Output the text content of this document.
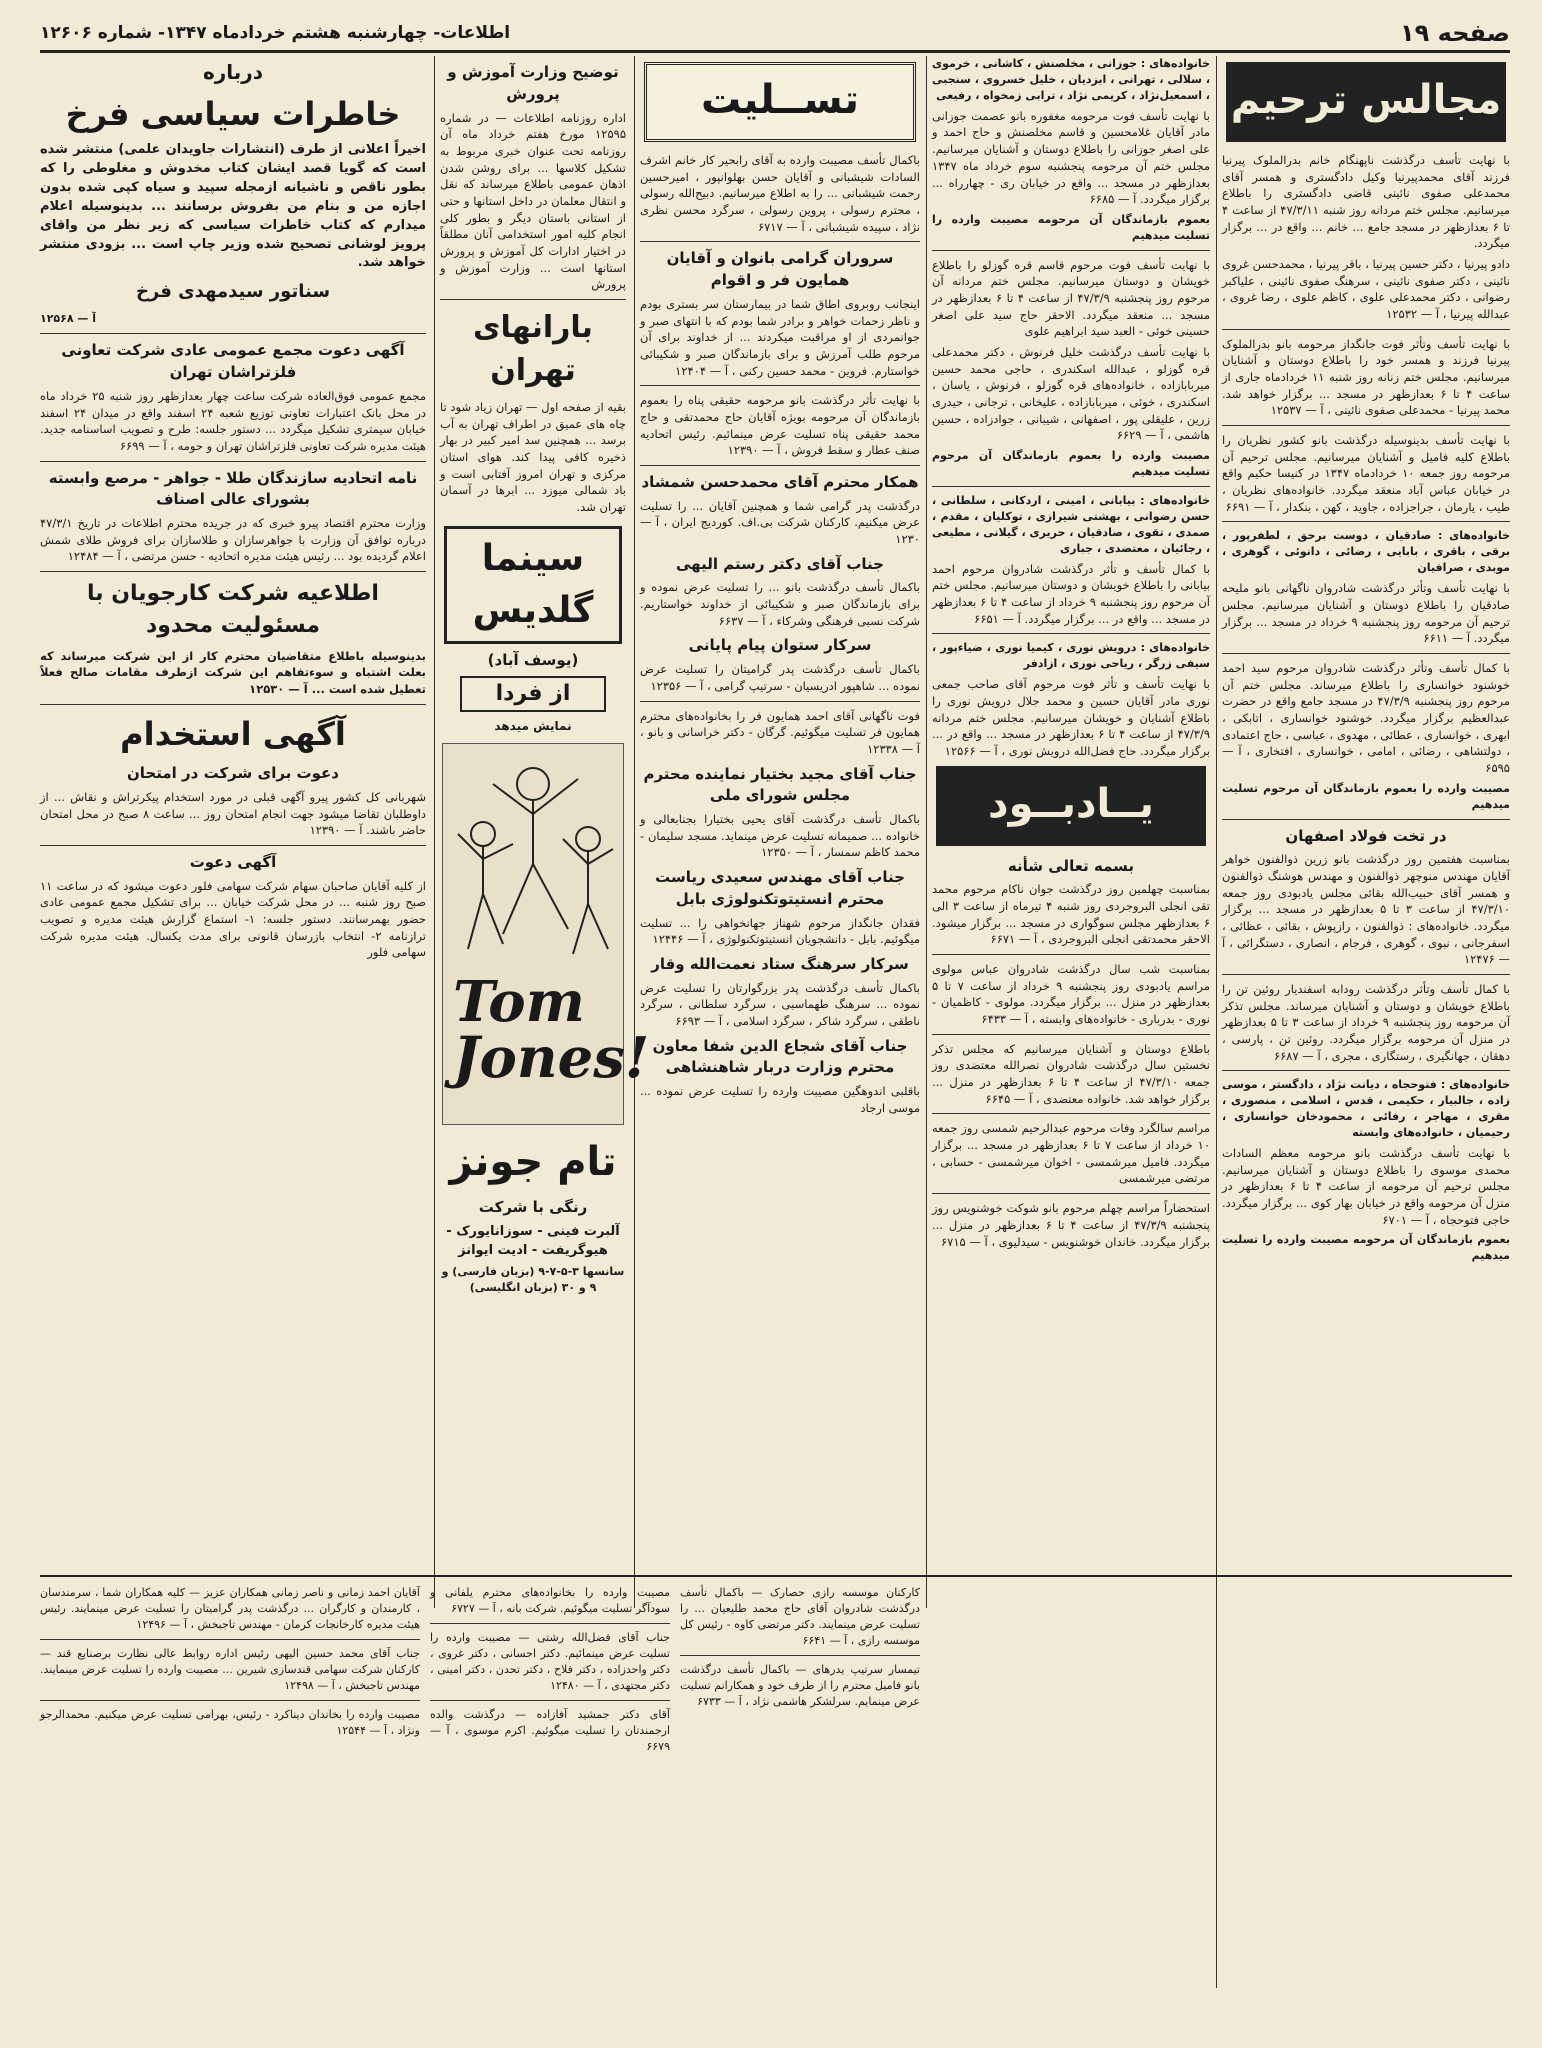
صفحه ۱۹
اطلاعات- چهارشنبه هشتم خردادماه ۱۳۴۷- شماره ۱۲۶۰۶
مجالس ترحیم

با نهایت تأسف درگذشت ناپهنگام خانم بدرالملوک پیرنیا فرزند آقای محمدپیرنیا وکیل دادگستری و همسر آقای محمدعلی صفوی نائینی قاضی دادگستری را باطلاع میرسانیم. مجلس ختم مردانه روز شنبه ۴۷/۳/۱۱ از ساعت ۴ تا ۶ بعدازظهر در مسجد جامع ... خانم ... واقع در ... برگزار میگردد.

دادو پیرنیا ، دکتر حسین پیرنیا ، باقر پیرنیا ، محمدحسن غروی نائینی ، دکتر صفوی نائینی ، سرهنگ صفوی نائینی ، علیاکبر رضوانی ، دکتر محمدعلی علوی ، کاظم علوی ، رضا غروی ، عبدالله پیرنیا ، آ — ۱۲۵۳۲

با نهایت تأسف وتأثر فوت جانگداز مرحومه بانو بدرالملوک پیرنیا فرزند و همسر خود را باطلاع دوستان و آشنایان میرسانیم. مجلس ختم زنانه روز شنبه ۱۱ خردادماه جاری از ساعت ۴ تا ۶ بعدازظهر در مسجد ... برگزار خواهد شد. محمد پیرنیا - محمدعلی صفوی نائینی ، آ — ۱۲۵۳۷

با نهایت تأسف بدینوسیله درگذشت بانو کشور نظریان را باطلاع کلیه فامیل و آشنایان میرسانیم. مجلس ترحیم آن مرحومه روز جمعه ۱۰ خردادماه ۱۳۴۷ در کنیسا حکیم واقع در خیابان عباس آباد منعقد میگردد. خانواده‌های نظریان ، طیب ، یارمان ، جراجزاده ، جاوید ، کهن ، بنکدار ، آ — ۶۶۹۱

خانواده‌های : صادقیان ، دوست برحق ، لطفرپور ، برقی ، باقری ، بابایی ، رضائی ، دانوئی ، گوهری ، موبدی ، صرافیان

با نهایت تأسف وتأثر درگذشت شادروان ناگهانی بانو ملیحه صادقیان را باطلاع دوستان و آشنایان میرسانیم. مجلس ترحیم آن مرحومه روز پنجشنبه ۹ خرداد در مسجد ... برگزار میگردد. آ — ۶۶۱۱

با کمال تأسف وتأثر درگذشت شادروان مرحوم سید احمد خوشنود خوانساری را باطلاع میرساند. مجلس ختم آن مرحوم روز پنجشنبه ۴۷/۳/۹ در مسجد جامع واقع در حضرت عبدالعظیم برگزار میگردد. خوشنود خوانساری ، اتابکی ، ابهری ، خوانساری ، عطائی ، مهدوی ، عباسی ، حاج اعتمادی ، دولتشاهی ، رضائی ، امامی ، خوانساری ، افتخاری ، آ — ۶۵۹۵

مصیبت وارده را بعموم بازماندگان آن مرحوم تسلیت میدهیم

در تخت فولاد اصفهان

بمناسبت هفتمین روز درگذشت بانو زرین ذوالفنون خواهر آقایان مهندس منوچهر ذوالفنون و مهندس هوشنگ ذوالفنون و همسر آقای حبیب‌الله بقائی مجلس یادبودی روز جمعه ۴۷/۳/۱۰ از ساعت ۳ تا ۵ بعدازظهر در مسجد ... برگزار میگردد. خانواده‌های : ذوالفنون ، رازپوش ، بقائی ، عظائی ، اسفرجانی ، نبوی ، گوهری ، فرجام ، انصاری ، دستگرائی ، آ — ۱۲۴۷۶

با کمال تأسف وتأثر درگذشت رودابه اسفندیار روئین تن را باطلاع خویشان و دوستان و آشنایان میرساند. مجلس تذکر آن مرحومه روز پنجشنبه ۹ خرداد از ساعت ۳ تا ۵ بعدازظهر در منزل آن مرحومه برگزار میگردد. روئین تن ، پارسی ، دهقان ، جهانگیری ، رستگاری ، مجری ، آ — ۶۶۸۷

خانواده‌های : فتوحجاه ، دیانت نژاد ، دادگستر ، موسی زاده ، جالبیار ، حکیمی ، قدس ، اسلامی ، منصوری ، مقری ، مهاجر ، رفائی ، محمودخان خوانساری ، رحیمیان ، خانواده‌های وابسته

با نهایت تأسف درگذشت بانو مرحومه معظم السادات محمدی موسوی را باطلاع دوستان و آشنایان میرسانیم. مجلس ترحیم آن مرحومه از ساعت ۴ تا ۶ بعدازظهر در منزل آن مرحومه واقع در خیابان بهار کوی ... برگزار میگردد. حاجی فتوحجاه ، آ — ۶۷۰۱

بعموم بازماندگان آن مرحومه مصیبت وارده را تسلیت میدهیم

خانواده‌های : جوزانی ، مخلصنش ، کاشانی ، خرموی ، سلالی ، تهرانی ، ایزدیان ، خلیل خسروی ، سنجبی ، اسمعیل‌نژاد ، کریمی نژاد ، ترابی زمخواه ، رفیعی

با نهایت تأسف فوت مرحومه مغفوره بانو عصمت جوزانی مادر آقایان غلامحسین و قاسم مخلصنش و حاج احمد و علی اصغر جوزانی را باطلاع دوستان و آشنایان میرسانیم. مجلس ختم آن مرحومه پنجشنبه سوم خرداد ماه ۱۳۴۷ بعدازظهر در مسجد ... واقع در خیابان ری - چهارراه ... برگزار میگردد. آ — ۶۶۸۵

بعموم بازماندگان آن مرحومه مصیبت وارده را تسلیت میدهیم

با نهایت تأسف فوت مرحوم قاسم قره گوزلو را باطلاع خویشان و دوستان میرسانیم. مجلس ختم مردانه آن مرحوم روز پنجشنبه ۴۷/۳/۹ از ساعت ۴ تا ۶ بعدازظهر در مسجد ... منعقد میگردد. الاحقر حاج سید علی اصغر حسینی خوئی - العبد سید ابراهیم علوی

با نهایت تأسف درگذشت خلیل فرنوش ، دکتر محمدعلی قره گوزلو ، عبدالله اسکندری ، حاجی محمد حسین میربابازاده ، خانواده‌های قره گوزلو ، فرنوش ، یاسان ، اسکندری ، خوئی ، میربابازاده ، علیخانی ، ترجانی ، حیدری زرین ، علیقلی پور ، اصفهانی ، شیبانی ، جوادزاده ، حسین هاشمی ، آ — ۶۶۲۹

مصیبت وارده را بعموم بازماندگان آن مرحوم تسلیت میدهیم

خانواده‌های : بیابانی ، امینی ، اردکانی ، سلطانی ، حسن رضوانی ، بهشتی شیرازی ، توکلیان ، مقدم ، صمدی ، تقوی ، صادقیان ، حریری ، گیلانی ، مطیعی ، رجائیان ، معتضدی ، جباری

با کمال تأسف و تأثر درگذشت شادروان مرحوم احمد بیابانی را باطلاع خویشان و دوستان میرسانیم. مجلس ختم آن مرحوم روز پنجشنبه ۹ خرداد از ساعت ۴ تا ۶ بعدازظهر در مسجد ... واقع در ... برگزار میگردد. آ — ۶۶۵۱

خانواده‌های : درویش نوری ، کیمیا نوری ، ضیاءپور ، سیفی زرگر ، ریاحی نوری ، ازادفر

با نهایت تأسف و تأثر فوت مرحوم آقای صاحب جمعی نوری مادر آقایان حسین و محمد جلال درویش نوری را باطلاع آشنایان و خویشان میرسانیم. مجلس ختم مردانه ۴۷/۳/۹ از ساعت ۴ تا ۶ بعدازظهر در مسجد ... واقع در ... برگزار میگردد. حاج فضل‌الله درویش نوری ، آ — ۱۲۵۶۶

یــادبــود
بسمه تعالی شأنه

بمناسبت چهلمین روز درگذشت جوان ناکام مرحوم محمد تقی انجلی البروجردی روز شنبه ۴ تیرماه از ساعت ۳ الی ۶ بعدازظهر مجلس سوگواری در مسجد ... برگزار میشود. الاحقر محمدتقی انجلی البروجردی ، آ — ۶۶۷۱

بمناسبت شب سال درگذشت شادروان عباس مولوی مراسم یادبودی روز پنجشنبه ۹ خرداد از ساعت ۷ تا ۵ بعدازظهر در منزل ... برگزار میگردد. مولوی - کاظمیان - نوری - بدرباری - خانواده‌های وابسته ، آ — ۶۴۳۳

باطلاع دوستان و آشنایان میرسانیم که مجلس تذکر نخستین سال درگذشت شادروان نصرالله معتضدی روز جمعه ۴۷/۳/۱۰ از ساعت ۴ تا ۶ بعدازظهر در منزل ... برگزار خواهد شد. خانواده معتضدی ، آ — ۶۶۴۵

مراسم سالگرد وفات مرحوم عبدالرحیم شمسی روز جمعه ۱۰ خرداد از ساعت ۷ تا ۶ بعدازظهر در مسجد ... برگزار میگردد. فامیل میرشمسی - اخوان میرشمسی - حسابی ، مرتضی میرشمسی

استحضاراً مراسم چهلم مرحوم بانو شوکت خوشنویس روز پنجشنبه ۴۷/۳/۹ از ساعت ۴ تا ۶ بعدازظهر در منزل ... برگزار میگردد. خاندان خوشنویس - سیدلیوی ، آ — ۶۷۱۵

تســلیت

باکمال تأسف مصیبت وارده به آقای رابحیر کار خانم اشرف السادات شیشبانی و آقایان حسن بهلوانپور ، امیرحسین رحمت شیشبانی ... را به اطلاع میرسانیم. دبیح‌الله رسولی ، محترم رسولی ، پروین رسولی ، سرگرد محسن نظری نژاد ، سپیده شیشبانی ، آ — ۶۷۱۷

سروران گرامی بانوان و آقایان همایون فر و اقوام

اینجانب روبروی اطاق شما در بیمارستان سر بستری بودم و ناظر زحمات خواهر و برادر شما بودم که با انتهای صبر و جوانمردی از او مراقبت میکردند ... از خداوند برای آن مرحوم طلب آمرزش و برای بازماندگان صبر و شکیبائی خواستارم. فروین - محمد حسین رکنی ، آ — ۱۲۴۰۴

با نهایت تأثر درگذشت بانو مرحومه حقیقی پناه را بعموم بازماندگان آن مرحومه بویژه آقایان حاج محمدتقی و حاج محمد حقیقی پناه تسلیت عرض مینمائیم. رئیس اتحادیه صنف عطار و سقط فروش ، آ — ۱۲۳۹۰

همکار محترم آقای محمدحسن شمشاد

درگذشت پدر گرامی شما و همچنین آقایان ... را تسلیت عرض میکنیم. کارکنان شرکت بی.اف. کوردیج ایران ، آ — ۱۲۳۰

جناب آقای دکتر رستم الیهی

باکمال تأسف درگذشت بانو ... را تسلیت عرض نموده و برای بازماندگان صبر و شکیبائی از خداوند خواستاریم. شرکت نسبی فرهنگی وشرکاء ، آ — ۶۶۳۷

سرکار ستوان پیام پایانی

باکمال تأسف درگذشت پدر گرامیتان را تسلیت عرض نموده ... شاهپور ادریسیان - سرتیپ گرامی ، آ — ۱۲۳۵۶

فوت ناگهانی آقای احمد همایون فر را بخانواده‌های محترم همایون فر تسلیت میگوئیم. گرگان - دکتر خراسانی و بانو ، آ — ۱۲۳۳۸

جناب آقای مجید بختیار نماینده محترم مجلس شورای ملی

باکمال تأسف درگذشت آقای یحیی بختیارا بجنابعالی و خانواده ... صمیمانه تسلیت عرض مینماید. مسجد سلیمان - محمد کاظم سمسار ، آ — ۱۲۳۵۰

جناب آقای مهندس سعیدی ریاست محترم انستیتوتکنولوژی بابل

فقدان جانگداز مرحوم شهناز جهانخواهی را ... تسلیت میگوئیم. بابل - دانشجویان انستیتوتکنولوژی ، آ — ۱۲۴۴۶

سرکار سرهنگ ستاد نعمت‌الله وقار

باکمال تأسف درگذشت پدر بزرگوارتان را تسلیت عرض نموده ... سرهنگ طهماسبی ، سرگرد سلطانی ، سرگرد ناطقی ، سرگرد شاکر ، سرگرد اسلامی ، آ — ۶۶۹۳

جناب آقای شجاع الدین شفا معاون محترم وزارت دربار شاهنشاهی

باقلبی اندوهگین مصیبت وارده را تسلیت عرض نموده ... موسی ارجاد

توضیح وزارت آموزش و پرورش

اداره روزنامه اطلاعات — در شماره ۱۲۵۹۵ مورخ هفتم خرداد ماه آن روزنامه تحت عنوان خبری مربوط به تشکیل کلاسها ... برای روشن شدن اذهان عمومی باطلاع میرساند که نقل و انتقال معلمان در داخل استانها و حتی از استانی باستان دیگر و بطور کلی انجام کلیه امور استخدامی آنان مطلقاً در اختیار ادارات کل آموزش و پرورش استانها است ... وزارت آموزش و پرورش

بارانهای تهران

بقیه از صفحه اول — تهران زیاد شود تا چاه های عمیق در اطراف تهران به آب برسد ... همچنین سد امیر کبیر در بهار ذخیره کافی پیدا کند. هوای استان مرکزی و تهران امروز آفتابی است و باد شمالی میوزد ... ابرها در آسمان تهران شد.

سینما گلدیس
(یوسف آباد)
از فردا
نمایش میدهد
Tom Jones!
تام جونز
رنگی با شرکت

آلبرت فینی - سوزانایورک - هیوگریفت - ادیت ایوانز

سانسها ۳-۵-۷-۹ (بزبان فارسی) و ۹ و ۳۰ (بزبان انگلیسی)

درباره
خاطرات سیاسی فرخ

اخیراً اعلانی از طرف (انتشارات جاویدان علمی) منتشر شده است که گویا قصد ایشان کتاب مخدوش و مغلوطی را که بطور ناقص و ناشیانه ازمجله سپید و سیاه کپی شده بدون اجازه من و بنام من بفروش برسانند ... بدینوسیله اعلام میدارم که کتاب خاطرات سیاسی که زیر نظر من واقای پرویز لوشانی تصحیح شده وزیر چاپ است ... بزودی منتشر خواهد شد.

سناتور سیدمهدی فرخ

آ — ۱۲۵۶۸

آگهی دعوت مجمع عمومی عادی شرکت تعاونی فلزتراشان تهران

مجمع عمومی فوق‌العاده شرکت ساعت چهار بعدازظهر روز شنبه ۲۵ خرداد ماه در محل بانک اعتبارات تعاونی توزیع شعبه ۲۴ اسفند واقع در میدان ۲۴ اسفند خیابان سیمتری تشکیل میگردد ... دستور جلسه: طرح و تصویب اساسنامه جدید. هیئت مدیره شرکت تعاونی فلزتراشان تهران و حومه ، آ — ۶۶۹۹

نامه اتحادیه سازندگان طلا - جواهر - مرصع وابسته بشورای عالی اصناف

وزارت محترم اقتصاد پیرو خبری که در جریده محترم اطلاعات در تاریخ ۴۷/۳/۱ درباره توافق آن وزارت با جواهرسازان و طلاسازان برای فروش طلای شمش اعلام گردیده بود ... رئیس هیئت مدیره اتحادیه - حسن مرتضی ، آ — ۱۲۴۸۴

اطلاعیه شرکت کارجویان با مسئولیت محدود

بدینوسیله باطلاع متقاضیان محترم کار از این شرکت میرساند که بعلت اشتباه و سوءتفاهم این شرکت ازطرف مقامات صالح فعلاً تعطیل شده است ... آ — ۱۲۵۳۰

آگهی استخدام
دعوت برای شرکت در امتحان

شهربانی کل کشور پیرو آگهی قبلی در مورد استخدام پیکرتراش و نقاش ... از داوطلبان تقاضا میشود جهت انجام امتحان روز ... ساعت ۸ صبح در محل امتحان حاضر باشند. آ — ۱۲۳۹۰

آگهی دعوت

از کلیه آقایان صاحبان سهام شرکت سهامی فلور دعوت میشود که در ساعت ۱۱ صبح روز شنبه ... در محل شرکت خیابان ... برای تشکیل مجمع عمومی عادی حضور بهمرسانند. دستور جلسه: ۱- استماع گزارش هیئت مدیره و تصویب ترازنامه ۲- انتخاب بازرسان قانونی برای مدت یکسال. هیئت مدیره شرکت سهامی فلور

مصیبت وارده را بخانواده‌های محترم یلفانی و سودآگر تسلیت میگوئیم. شرکت بانه ، آ — ۶۷۲۷

جناب آقای فضل‌الله رشتی — مصیبت وارده را تسلیت عرض مینمائیم. دکتر احسانی ، دکتر غروی ، دکتر واحدزاده ، دکتر فلاح ، دکتر تحدن ، دکتر امینی ، دکتر مجتهدی ، آ — ۱۲۴۸۰

آقای دکتر جمشید آفازاده — درگذشت والده ارجمندتان را تسلیت میگوئیم. اکرم موسوی ، آ — ۶۶۷۹

کارکنان موسسه رازی حصارک — باکمال تأسف درگذشت شادروان آقای حاج محمد طلیعیان ... را تسلیت عرض مینمایند. دکتر مرتضی کاوه - رئیس کل موسسه رازی ، آ — ۶۶۴۱

تیمسار سرتیپ یدرهای — باکمال تأسف درگذشت بانو فامیل محترم را از طرف خود و همکارانم تسلیت عرض مینمایم. سرلشکر هاشمی نژاد ، آ — ۶۷۳۳

آقایان احمد زمانی و ناصر زمانی همکاران عزیز — کلیه همکاران شما ، سرمندسان ، کارمندان و کارگران ... درگذشت پدر گرامیتان را تسلیت عرض مینمایند. رئیس هیئت مدیره کارخانجات کرمان - مهندس تاجبخش ، آ — ۱۲۴۹۶

جناب آقای محمد حسین الیهی رئیس اداره روابط عالی نظارت برصنایع قند — کارکنان شرکت سهامی قندسازی شیرین ... مصیبت وارده را تسلیت عرض مینمایند. مهندس تاجبخش ، آ — ۱۲۴۹۸

مصیبت وارده را بخاندان دیناکرد - رئیس، بهرامی تسلیت عرض میکنیم. محمدالرجو ونژاد ، آ — ۱۲۵۴۴
